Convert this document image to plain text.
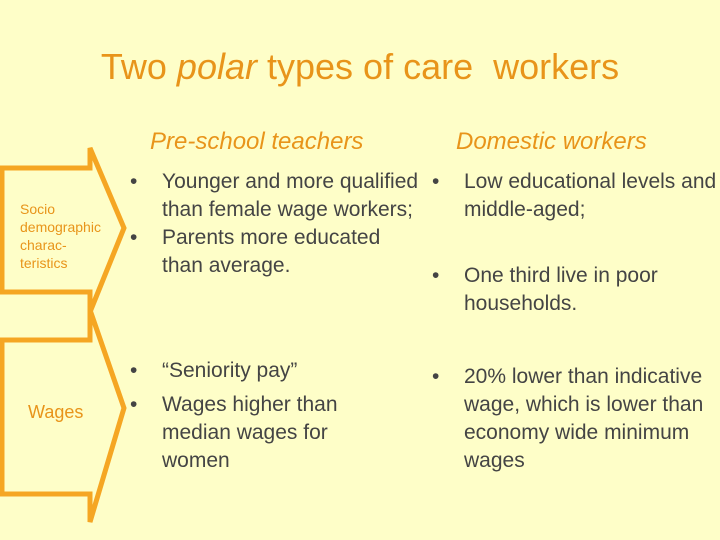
Two polar types of care  workers
Pre-school teachers	Domestic workers
Socio
demographic
charac-
teristics
Wages
• Younger and more qualified than female wage workers;
• Parents more educated than average.
• Low educational levels and middle-aged;
• One third live in poor households.
• “Seniority pay”
• Wages higher than median wages for women
• 20% lower than indicative wage, which is lower than economy wide minimum wages
